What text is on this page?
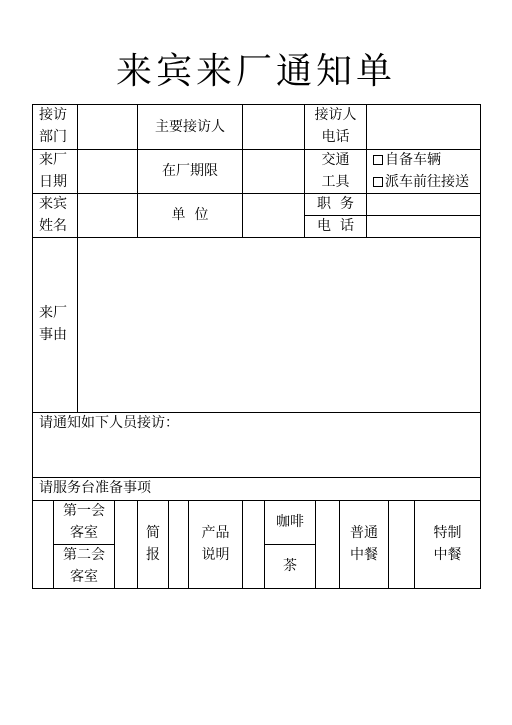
来宾来厂通知单
接访
部门
主要接访人
接访人
电话
来厂
日期
在厂期限
交通
工具
自备车辆
派车前往接送
来宾
姓名
单  位
职  务
电  话
来厂
事由
请通知如下人员接访：
请服务台准备事项
第一会
客室
第二会
客室
简
报
产品
说明
咖啡
茶
普通
中餐
特制
中餐
